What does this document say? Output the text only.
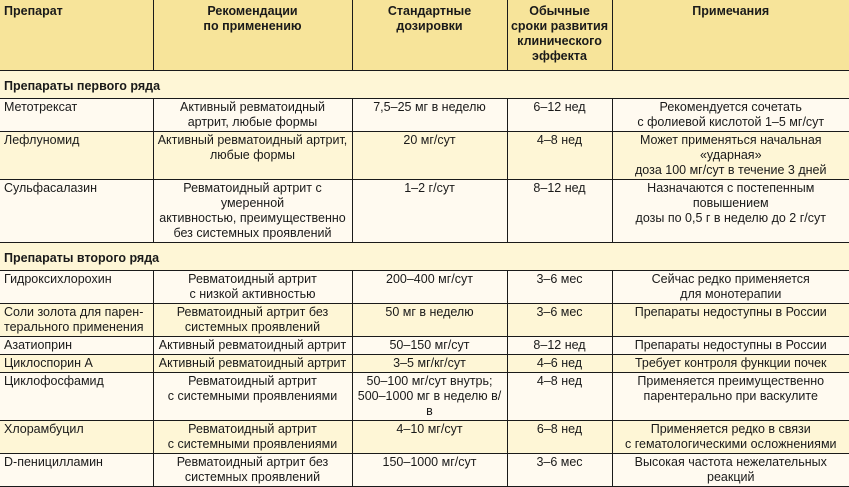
Препарат	Рекомендации
по применению	Стандартные
дозировки	Обычные
сроки развития
клинического
эффекта	Примечания

Препараты первого ряда				

Метотрексат	Активный ревматоидный
артрит, любые формы	7,5–25 мг в неделю	6–12 нед	Рекомендуется сочетать
с фолиевой кислотой 1–5 мг/сут

Лефлуномид	Активный ревматоидный артрит,
любые формы	20 мг/сут	4–8 нед	Может применяться начальная «ударная»
доза 100 мг/сут в течение 3 дней

Сульфасалазин	Ревматоидный артрит с умеренной
активностью, преимущественно
без системных проявлений	1–2 г/сут	8–12 нед	Назначаются с постепенным повышением
дозы по 0,5 г в неделю до 2 г/сут

Препараты второго ряда				

Гидроксихлорохин	Ревматоидный артрит
с низкой активностью	200–400 мг/сут	3–6 мес	Сейчас редко применяется
для монотерапии

Соли золота для парен-
терального применения	Ревматоидный артрит без
системных проявлений	50 мг в неделю	3–6 мес	Препараты недоступны в России

Азатиоприн	Активный ревматоидный артрит	50–150 мг/сут	8–12 нед	Препараты недоступны в России

Циклоспорин А	Активный ревматоидный артрит	3–5 мг/кг/сут	4–6 нед	Требует контроля функции почек

Циклофосфамид	Ревматоидный артрит
с системными проявлениями	50–100 мг/сут внутрь;
500–1000 мг в неделю в/в	4–8 нед	Применяется преимущественно
парентерально при васкулите

Хлорамбуцил	Ревматоидный артрит
с системными проявлениями	4–10 мг/сут	6–8 нед	Применяется редко в связи
с гематологическими осложнениями

D-пеницилламин	Ревматоидный артрит без
системных проявлений	150–1000 мг/сут	3–6 мес	Высокая частота нежелательных реакций
